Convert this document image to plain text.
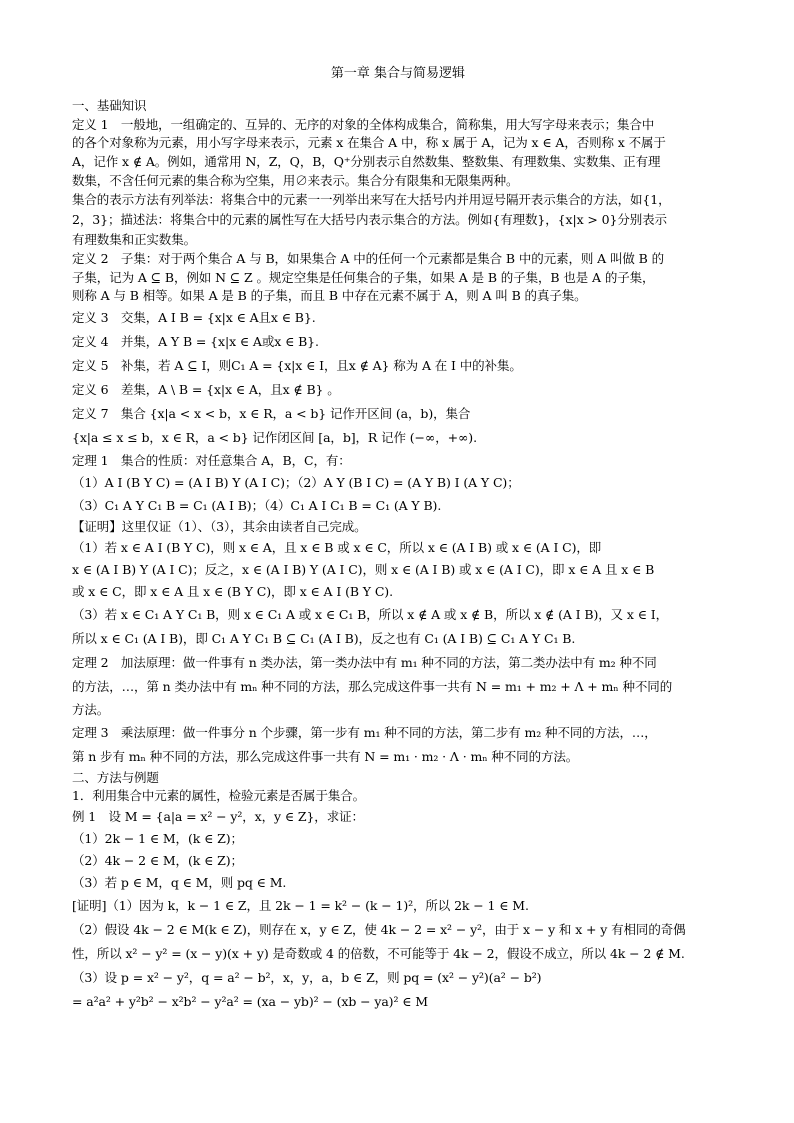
第一章 集合与简易逻辑
一、基础知识
定义 1　一般地，一组确定的、互异的、无序的对象的全体构成集合，简称集，用大写字母来表示；集合中
的各个对象称为元素，用小写字母来表示，元素 x 在集合 A 中，称 x 属于 A，记为 x ∈ A，否则称 x 不属于
A，记作 x ∉ A。例如，通常用 N，Z，Q，B，Q⁺分别表示自然数集、整数集、有理数集、实数集、正有理
数集，不含任何元素的集合称为空集，用∅来表示。集合分有限集和无限集两种。
集合的表示方法有列举法：将集合中的元素一一列举出来写在大括号内并用逗号隔开表示集合的方法，如{1，
2，3}；描述法：将集合中的元素的属性写在大括号内表示集合的方法。例如{有理数}，{x|x > 0}分别表示
有理数集和正实数集。
定义 2　子集：对于两个集合 A 与 B，如果集合 A 中的任何一个元素都是集合 B 中的元素，则 A 叫做 B 的
子集，记为 A ⊆ B，例如 N ⊆ Z 。规定空集是任何集合的子集，如果 A 是 B 的子集，B 也是 A 的子集，
则称 A 与 B 相等。如果 A 是 B 的子集，而且 B 中存在元素不属于 A，则 A 叫 B 的真子集。
定义 3　交集，A I B = {x|x ∈ A且x ∈ B}.
定义 4　并集，A Y B = {x|x ∈ A或x ∈ B}.
定义 5　补集，若 A ⊆ I，则C₁ A = {x|x ∈ I，且x ∉ A} 称为 A 在 I 中的补集。
定义 6　差集，A \ B = {x|x ∈ A，且x ∉ B} 。
定义 7　集合 {x|a < x < b，x ∈ R，a < b} 记作开区间 (a，b)，集合
{x|a ≤ x ≤ b，x ∈ R，a < b} 记作闭区间 [a，b]，R 记作 (−∞，+∞).
定理 1　集合的性质：对任意集合 A，B，C，有：
（1）A I (B Y C) = (A I B) Y (A I C)；（2）A Y (B I C) = (A Y B) I (A Y C)；
（3）C₁ A Y C₁ B = C₁ (A I B)；（4）C₁ A I C₁ B = C₁ (A Y B).
【证明】这里仅证（1）、（3），其余由读者自己完成。
（1）若 x ∈ A I (B Y C)，则 x ∈ A，且 x ∈ B 或 x ∈ C，所以 x ∈ (A I B) 或 x ∈ (A I C)，即
x ∈ (A I B) Y (A I C)；反之，x ∈ (A I B) Y (A I C)，则 x ∈ (A I B) 或 x ∈ (A I C)，即 x ∈ A 且 x ∈ B
或 x ∈ C，即 x ∈ A 且 x ∈ (B Y C)，即 x ∈ A I (B Y C).
（3）若 x ∈ C₁ A Y C₁ B，则 x ∈ C₁ A 或 x ∈ C₁ B，所以 x ∉ A 或 x ∉ B，所以 x ∉ (A I B)，又 x ∈ I，
所以 x ∈ C₁ (A I B)，即 C₁ A Y C₁ B ⊆ C₁ (A I B)，反之也有 C₁ (A I B) ⊆ C₁ A Y C₁ B.
定理 2　加法原理：做一件事有 n 类办法，第一类办法中有 m₁ 种不同的方法，第二类办法中有 m₂ 种不同
的方法，…，第 n 类办法中有 mₙ 种不同的方法，那么完成这件事一共有 N = m₁ + m₂ + Λ + mₙ 种不同的
方法。
定理 3　乘法原理：做一件事分 n 个步骤，第一步有 m₁ 种不同的方法，第二步有 m₂ 种不同的方法，…，
第 n 步有 mₙ 种不同的方法，那么完成这件事一共有 N = m₁ · m₂ · Λ · mₙ 种不同的方法。
二、方法与例题
1．利用集合中元素的属性，检验元素是否属于集合。
例 1　设 M = {a|a = x² − y²，x，y ∈ Z}，求证：
（1）2k − 1 ∈ M，(k ∈ Z)；
（2）4k − 2 ∈ M，(k ∈ Z)；
（3）若 p ∈ M，q ∈ M，则 pq ∈ M.
[证明]（1）因为 k，k − 1 ∈ Z，且 2k − 1 = k² − (k − 1)²，所以 2k − 1 ∈ M.
（2）假设 4k − 2 ∈ M(k ∈ Z)，则存在 x，y ∈ Z，使 4k − 2 = x² − y²，由于 x − y 和 x + y 有相同的奇偶
性，所以 x² − y² = (x − y)(x + y) 是奇数或 4 的倍数，不可能等于 4k − 2，假设不成立，所以 4k − 2 ∉ M.
（3）设 p = x² − y²，q = a² − b²，x，y，a，b ∈ Z，则 pq = (x² − y²)(a² − b²)
= a²a² + y²b² − x²b² − y²a² = (xa − yb)² − (xb − ya)² ∈ M
